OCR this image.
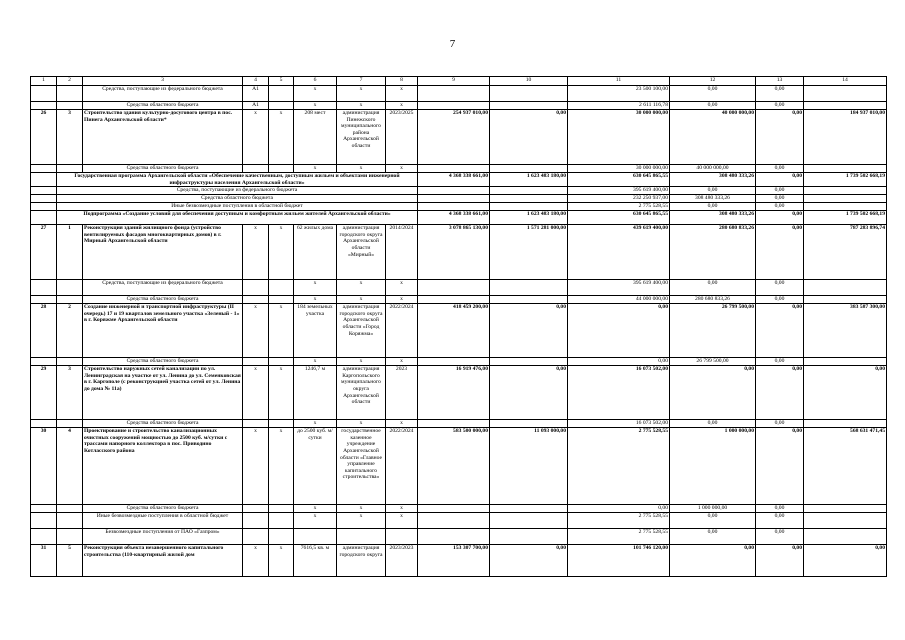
7
1	2	3	4	5	6	7	8	9	10	11	12	13	14
		Средства, поступающие из федерального бюджета	А1		х	х	х			23 500 100,00	0,00	0,00	
		Средства областного бюджета	А1		х	х	х			2 611 116,78	0,00	0,00	
26	3	Строительство здания культурно-досугового центра в пос. Пинега Архангельской области*	х	х	208 мест	администрация Пинежского муниципального района Архангельской области	2023/2025	254 937 010,00	0,00	30 000 000,00	40 000 000,00	0,00	184 937 010,00
		Средства областного бюджета			х	х	х			30 000 000,00	40 000 000,00	0,00	
	Государственная программа Архангельской области «Обеспечение качественным, доступным жильем и объектами инженерной инфраструктуры населения Архангельской области»							4 368 338 661,00	1 623 483 180,00	630 645 865,55	308 480 333,26	0,00	1 739 502 668,19
	Средства, поступающие из федерального бюджета									395 619 400,00	0,00	0,00	
	Средства областного бюджета									232 250 937,00	308 480 333,26	0,00	
	Иные безвозмездные поступления в областной бюджет									2 775 528,55	0,00	0,00	
	Подпрограмма «Создание условий для обеспечения доступным и комфортным жильем жителей Архангельской области»							4 368 338 661,00	1 623 483 180,00	630 645 865,55	308 480 333,26	0,00	1 739 502 668,19
27	1	Реконструкция зданий жилищного фонда (устройство вентилируемых фасадов многоквартирных домов) в г. Мирный Архангельской области	х	х	62 жилых дома	администрация городского округа Архангельской области «Мирный»	2014/2024	3 078 865 130,00	1 571 281 000,00	439 619 400,00	280 680 833,26	0,00	787 283 896,74
		Средства, поступающие из федерального бюджета			х	х	х			395 619 400,00	0,00	0,00	
		Средства областного бюджета			х	х	х			44 000 000,00	280 680 833,26	0,00	
28	2	Создание инженерной и транспортной инфраструктуры (II очередь) 17 и 19 кварталов земельного участка «Зеленый - 1» в г. Коряжме Архангельской области	х	х	184 земельных участка	администрация городского округа Архангельской области «Город Коряжма»	2022/2024	418 459 200,00	0,00	0,00	26 799 500,00	0,00	383 587 300,00
		Средства областного бюджета			х	х	х			0,00	26 799 500,00	0,00	
29	3	Строительство наружных сетей канализации по ул. Ленинградская на участке от ул. Ленина до ул. Семенковская в г. Каргополе (с реконструкцией участка сетей от ул. Ленина до дома № 11а)	х	х	1246,7 м	администрация Каргопольского муниципального округа Архангельской области	2023	16 919 476,00	0,00	16 073 502,00	0,00	0,00	0,00
		Средства областного бюджета			х	х	х			16 073 502,00	0,00	0,00	
30	4	Проектирование и строительство канализационных очистных сооружений мощностью до 2500 куб. м/сутки с трассами напорного коллектора в пос. Приводино Котласского района	х	х	до 2500 куб. м/сутки	государственное казенное учреждение Архангельской области «Главное управление капитального строительства»	2022/2024	583 500 000,00	11 093 000,00	2 775 528,55	1 000 000,00	0,00	568 631 471,45
		Средства областного бюджета			х	х	х			0,00	1 000 000,00	0,00	
		Иные безвозмездные поступления в областной бюджет			х	х	х			2 775 528,55	0,00	0,00	
		Безвозмездные поступления от ПАО «Газпром»								2 775 528,55	0,00	0,00	
31	5	Реконструкция объекта незавершенного капитального строительства (110-квартирный жилой дом	х	х	7616,5 кв. м	администрация городского округа	2023/2023	153 307 700,00	0,00	101 746 120,00	0,00	0,00	0,00
